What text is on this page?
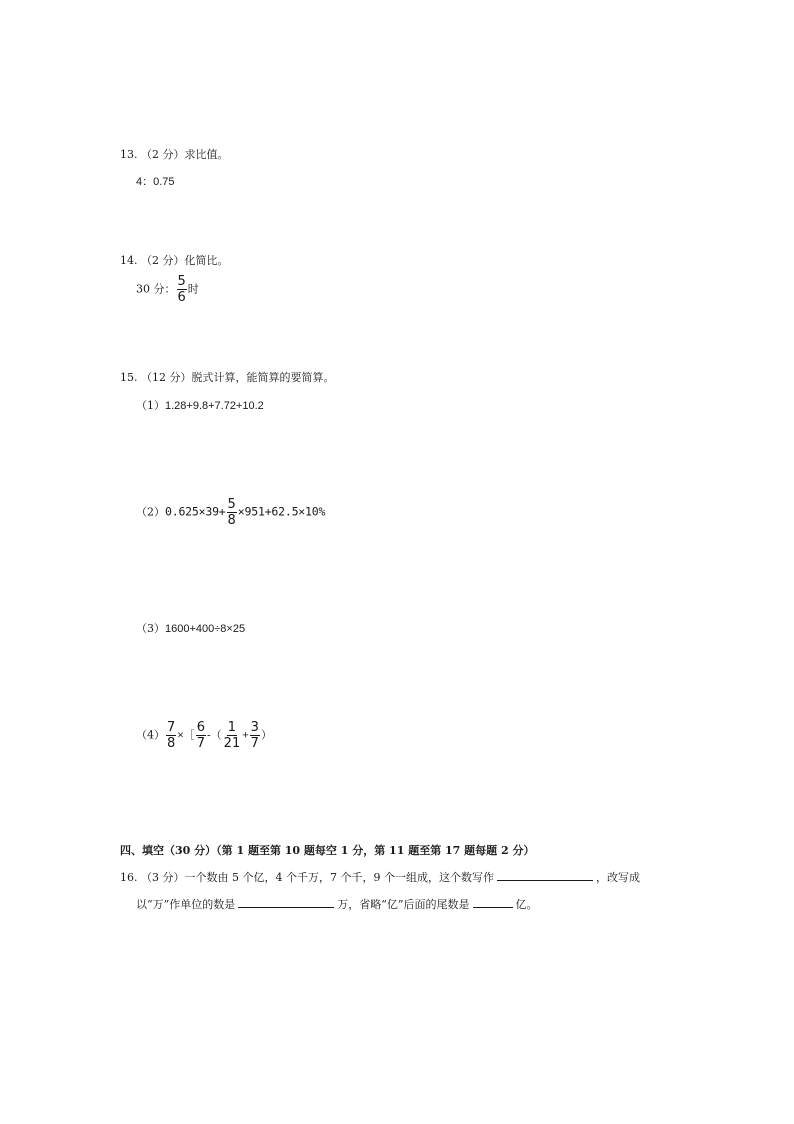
13. （2 分）求比值。
4：0.75
14. （2 分）化简比。
30 分： $\frac{5}{6}$ 时
15. （12 分）脱式计算，能简算的要简算。
（1）1.28+9.8+7.72+10.2
$(2)0.625\times 39+ \frac{5}{8} \times 951+62.5\times 10\%$
（3）1600+400÷8×25
$(4) \frac{7}{8}$ ×［ $\frac{6}{7}$ -（ $\frac{1}{21} + \frac{3}{7}$ ）
四、填空（30 分）（第 1 题至第 10 题每空 1 分，第 11 题至第 17 题每题 2 分）
16. （3 分）一个数由 5 个亿，4 个千万，7 个千，9 个一组成，这个数写作	，改写成
以“万”作单位的数是	万，省略“亿”后面的尾数是	亿。
